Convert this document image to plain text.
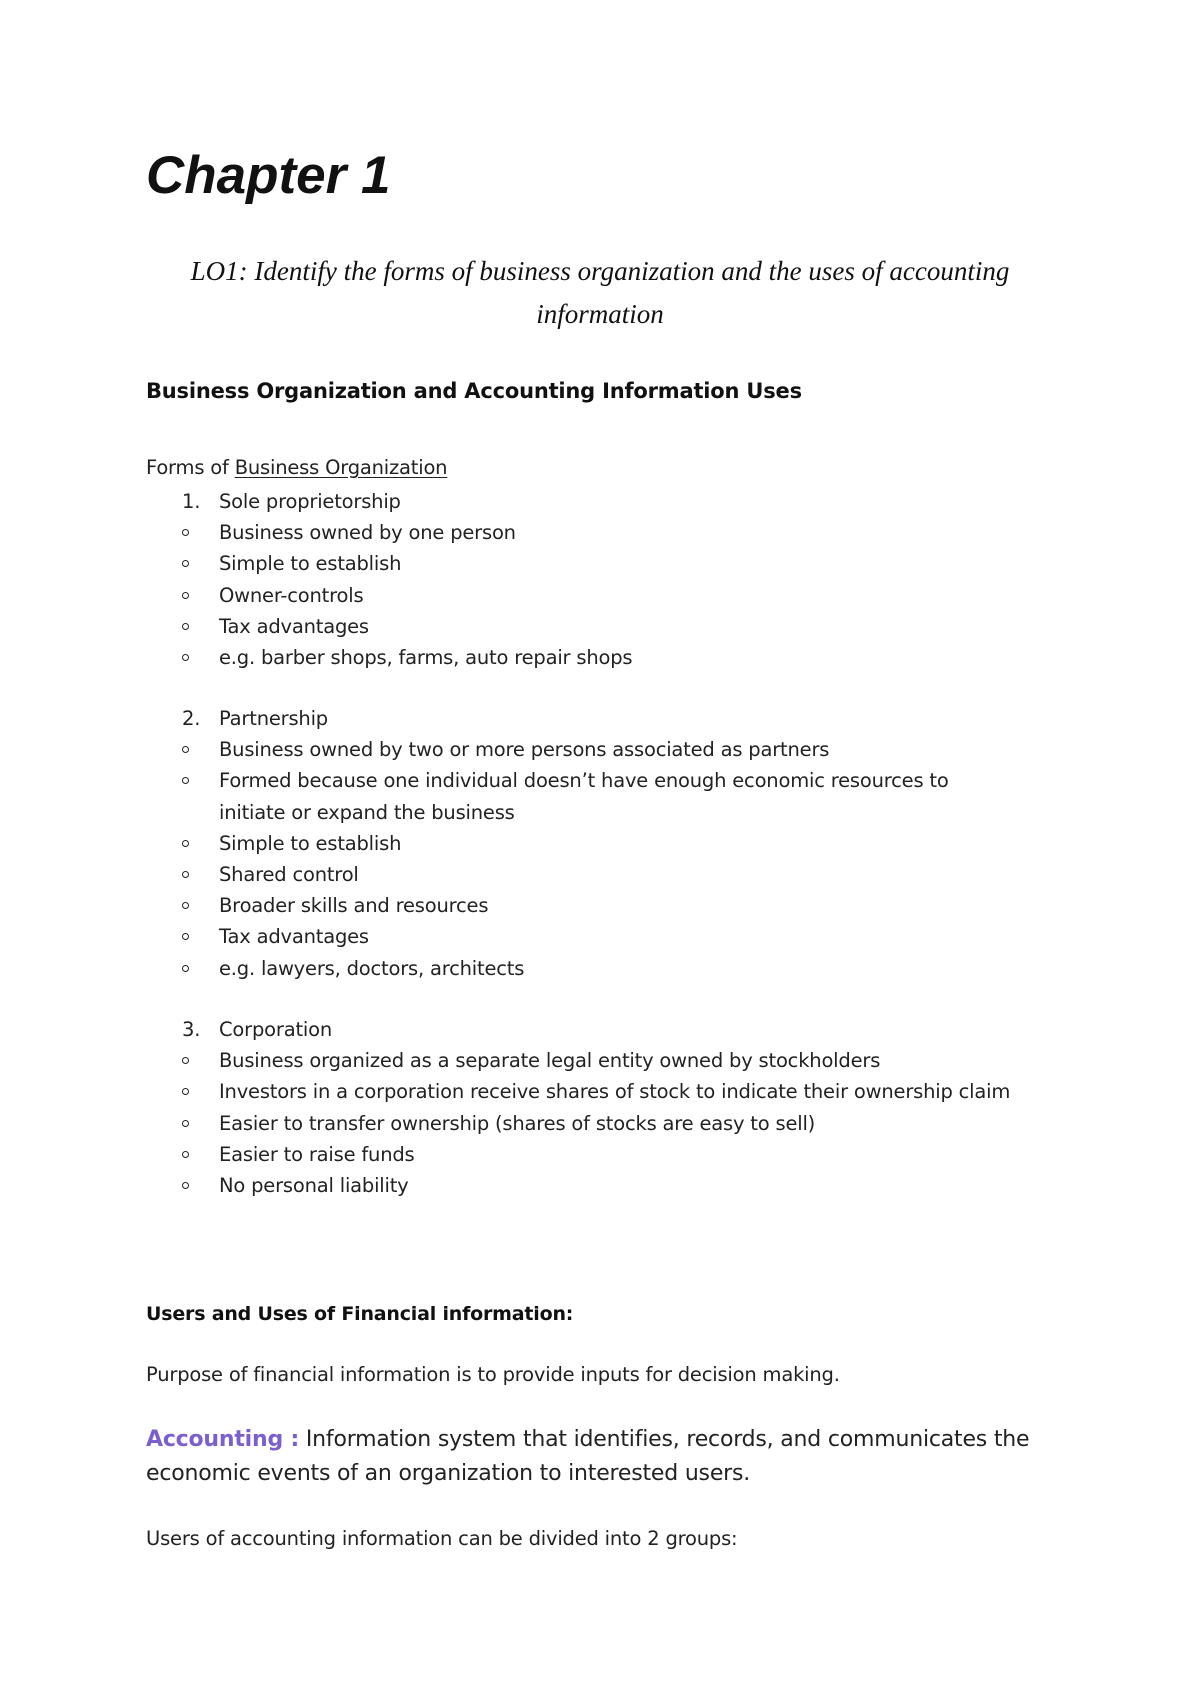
Chapter 1

LO1: Identify the forms of business organization and the uses of accounting information

Business Organization and Accounting Information Uses

Forms of Business Organization

1. Sole proprietorship
Business owned by one person
Simple to establish
Owner-controls
Tax advantages
e.g. barber shops, farms, auto repair shops
2. Partnership
Business owned by two or more persons associated as partners
Formed because one individual doesn’t have enough economic resources to initiate or expand the business
Simple to establish
Shared control
Broader skills and resources
Tax advantages
e.g. lawyers, doctors, architects
3. Corporation
Business organized as a separate legal entity owned by stockholders
Investors in a corporation receive shares of stock to indicate their ownership claim
Easier to transfer ownership (shares of stocks are easy to sell)
Easier to raise funds
No personal liability
Users and Uses of Financial information:

Purpose of financial information is to provide inputs for decision making.

Accounting : Information system that identifies, records, and communicates the economic events of an organization to interested users.

Users of accounting information can be divided into 2 groups:
